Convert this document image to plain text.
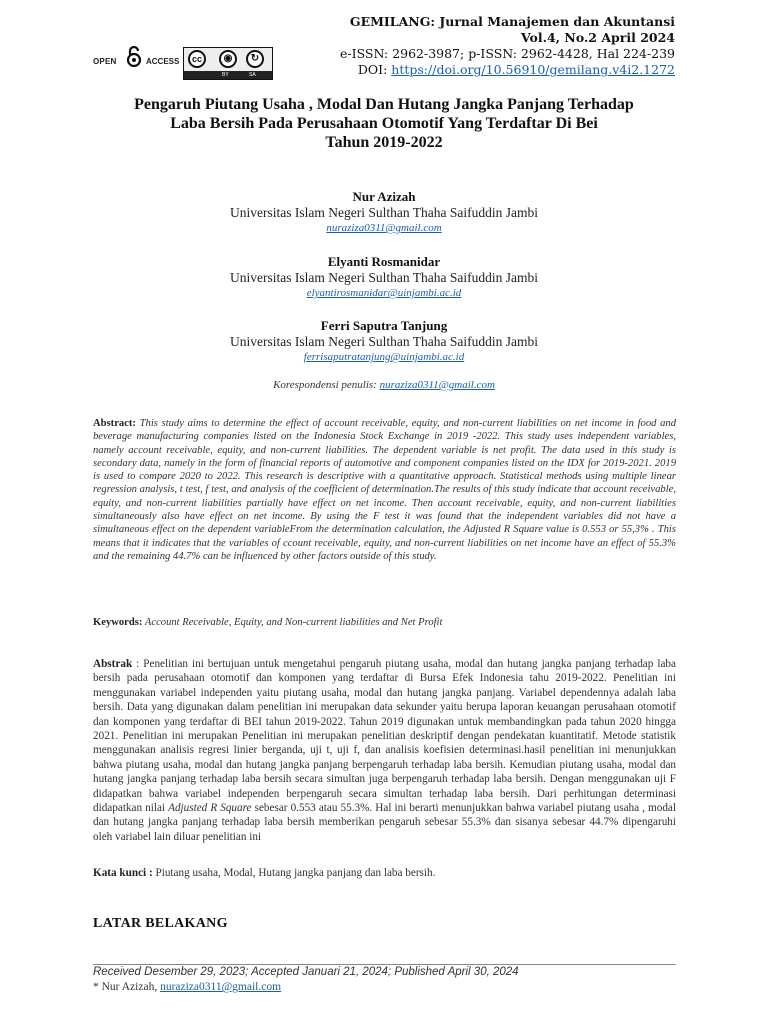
OPEN	ACCESS	cc	◉	↻
BY	SA
GEMILANG: Jurnal Manajemen dan Akuntansi
Vol.4, No.2 April 2024
e-ISSN: 2962-3987; p-ISSN: 2962-4428, Hal 224-239
DOI: https://doi.org/10.56910/gemilang.v4i2.1272
Pengaruh Piutang Usaha , Modal Dan Hutang Jangka Panjang Terhadap
Laba Bersih Pada Perusahaan Otomotif Yang Terdaftar Di Bei
Tahun 2019-2022
Nur Azizah
Universitas Islam Negeri Sulthan Thaha Saifuddin Jambi
nuraziza0311@gmail.com
Elyanti Rosmanidar
Universitas Islam Negeri Sulthan Thaha Saifuddin Jambi
elyantirosmanidar@uinjambi.ac.id
Ferri Saputra Tanjung
Universitas Islam Negeri Sulthan Thaha Saifuddin Jambi
ferrisaputratanjung@uinjambi.ac.id
Korespondensi penulis: nuraziza0311@gmail.com
Abstract: This study aims to determine the effect of account receivable, equity, and non-current liabilities on net income in food and beverage manufacturing companies listed on the Indonesia Stock Exchange in 2019 -2022. This study uses independent variables, namely account receivable, equity, and non-current liabilities. The dependent variable is net profit. The data used in this study is secondary data, namely in the form of financial reports of automotive and component companies listed on the IDX for 2019-2021. 2019 is used to compare 2020 to 2022. This research is descriptive with a quantitative approach. Statistical methods using multiple linear regression analysis, t test, f test, and analysis of the coefficient of determination.The results of this study indicate that account receivable, equity, and non-current liabilities partially have effect on net income. Then account receivable, equity, and non-current liabilities simultaneously also have effect on net income. By using the F test it was found that the independent variables did not have a simultaneous effect on the dependent variableFrom the determination calculation, the Adjusted R Square value is 0.553 or 55,3% . This means that it indicates that the variables of ccount receivable, equity, and non-current liabilities on net income have an effect of 55.3% and the remaining 44.7% can be influenced by other factors outside of this study.
Keywords: Account Receivable, Equity, and Non-current liabilities and Net Profit
Abstrak : Penelitian ini bertujuan untuk mengetahui pengaruh piutang usaha, modal dan hutang jangka panjang terhadap laba bersih pada perusahaan otomotif dan komponen yang terdaftar di Bursa Efek Indonesia tahu 2019-2022. Penelitian ini menggunakan variabel independen yaitu piutang usaha, modal dan hutang jangka panjang. Variabel dependennya adalah laba bersih. Data yang digunakan dalam penelitian ini merupakan data sekunder yaitu berupa laporan keuangan perusahaan otomotif dan komponen yang terdaftar di BEI tahun 2019-2022. Tahun 2019 digunakan untuk membandingkan pada tahun 2020 hingga 2021. Penelitian ini merupakan Penelitian ini merupakan penelitian deskriptif dengan pendekatan kuantitatif. Metode statistik menggunakan analisis regresi linier berganda, uji t, uji f, dan analisis koefisien determinasi.hasil penelitian ini menunjukkan bahwa piutang usaha, modal dan hutang jangka panjang berpengaruh terhadap laba bersih. Kemudian piutang usaha, modal dan hutang jangka panjang terhadap laba bersih secara simultan juga berpengaruh terhadap laba bersih. Dengan menggunakan uji F didapatkan bahwa variabel independen berpengaruh secara simultan terhadap laba bersih. Dari perhitungan determinasi didapatkan nilai Adjusted R Square sebesar 0.553 atau 55.3%. Hal ini berarti menunjukkan bahwa variabel piutang usaha , modal dan hutang jangka panjang terhadap laba bersih memberikan pengaruh sebesar 55.3% dan sisanya sebesar 44.7% dipengaruhi oleh variabel lain diluar penelitian ini
Kata kunci : Piutang usaha, Modal, Hutang jangka panjang dan laba bersih.
LATAR BELAKANG
Received Desember 29, 2023; Accepted Januari 21, 2024; Published April 30, 2024
* Nur Azizah, nuraziza0311@gmail.com
